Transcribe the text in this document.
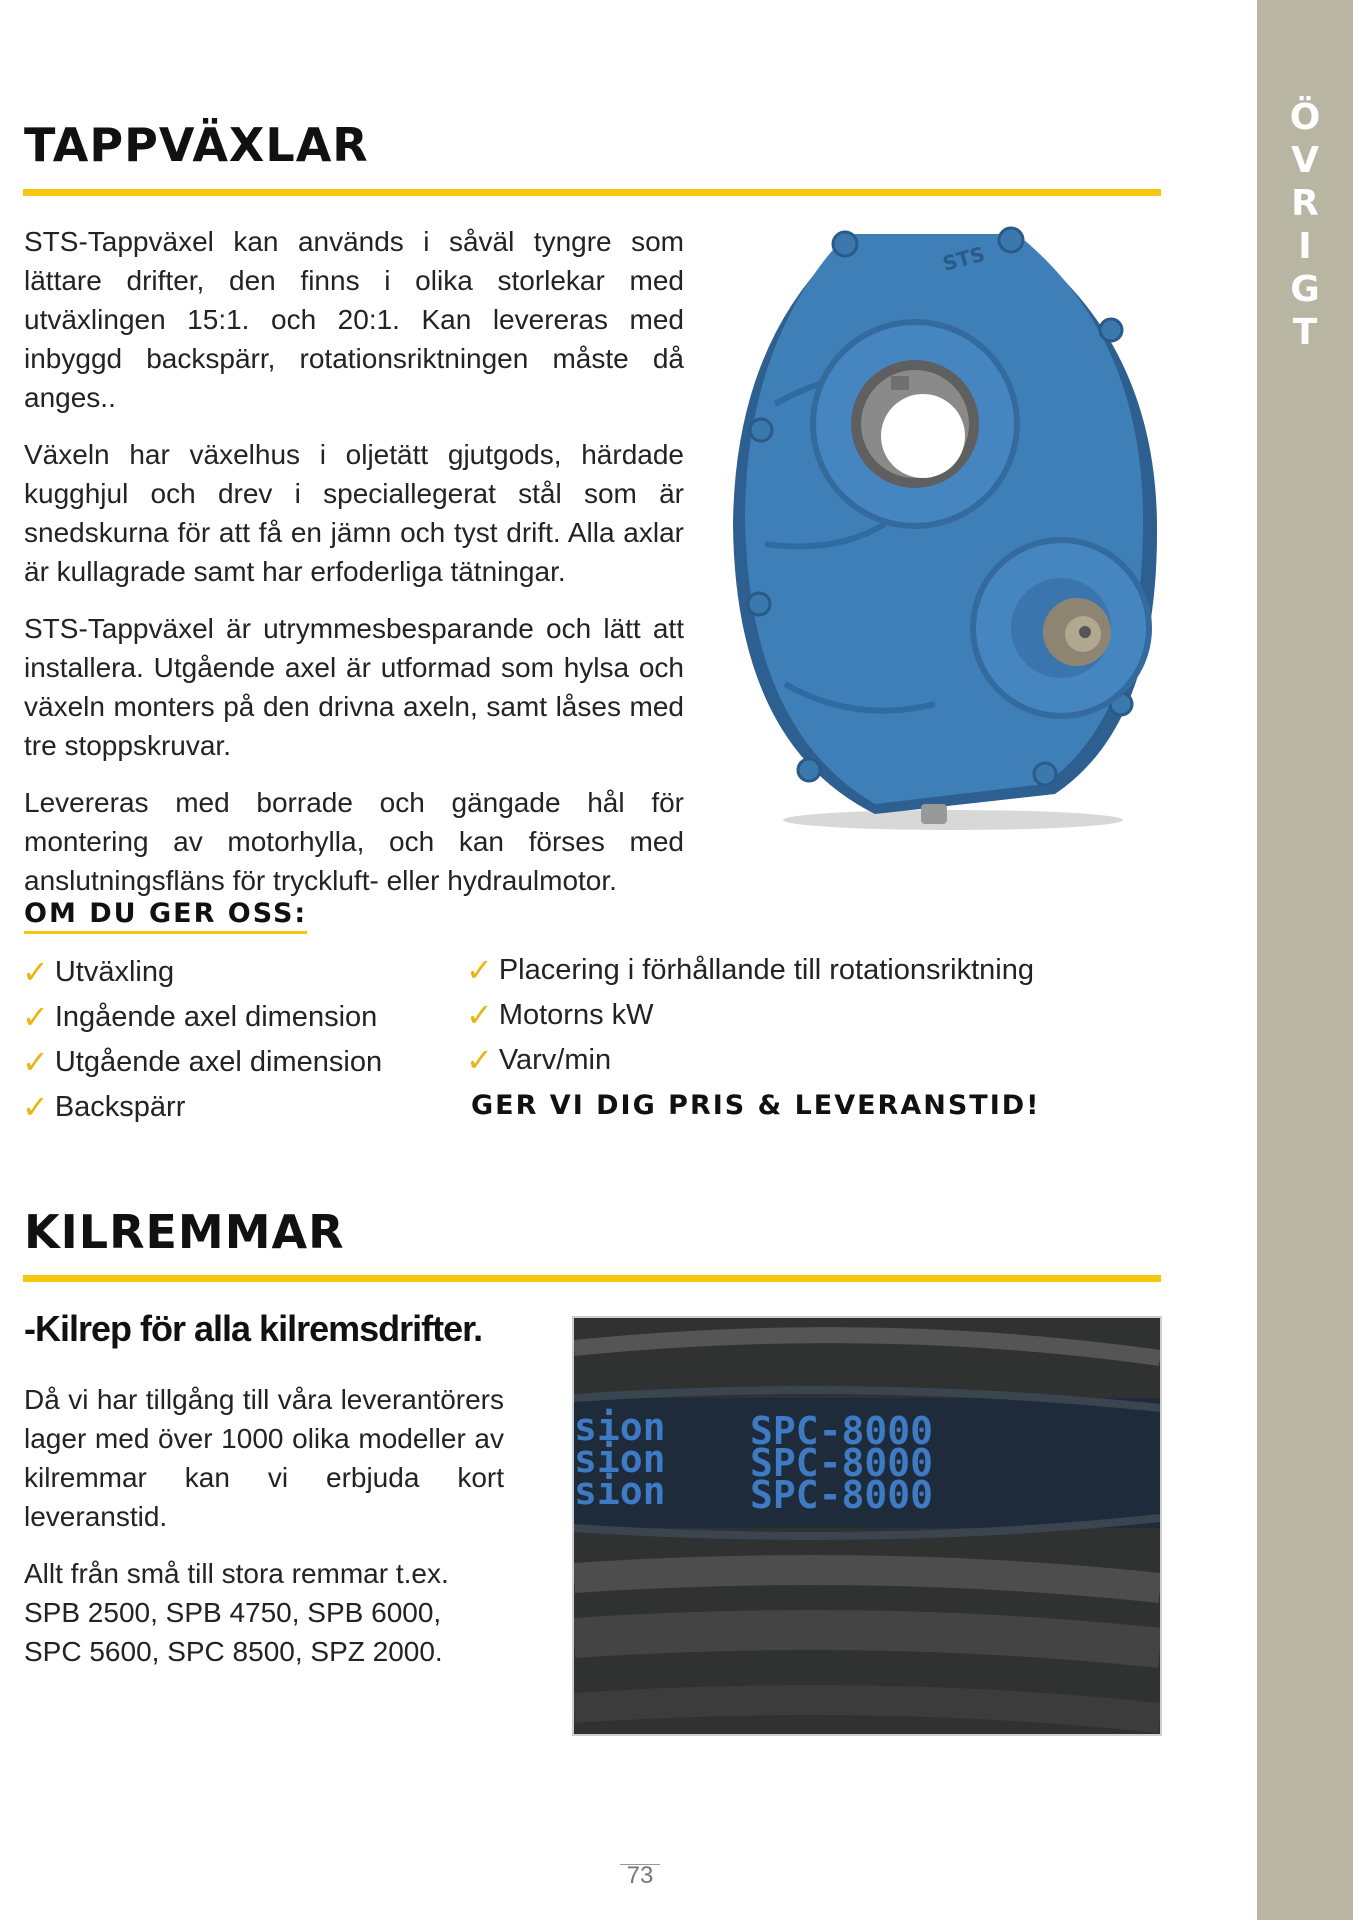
Ö
V
R
I
G
T
TAPPVÄXLAR

STS-Tappväxel kan används i såväl tyngre som lättare drifter, den finns i olika storlekar med utväxlingen 15:1. och 20:1. Kan levereras med inbyggd backspärr, rotationsriktningen måste då anges..

Växeln har växelhus i oljetätt gjutgods, härdade kugghjul och drev i speciallegerat stål som är snedskurna för att få en jämn och tyst drift. Alla axlar är kullagrade samt har erfoderliga tätningar.

STS-Tappväxel är utrymmesbesparande och lätt att installera. Utgående axel är utformad som hylsa och växeln monters på den drivna axeln, samt låses med tre stoppskruvar.

Levereras med borrade och gängade hål för montering av motorhylla, och kan förses med anslutningsfläns för tryckluft- eller hydraulmotor.

STS
OM DU GER OSS:
✓ Utväxling
✓ Ingående axel dimension
✓ Utgående axel dimension
✓ Backspärr
✓ Placering i förhållande till rotationsriktning
✓ Motorns kW
✓ Varv/min
GER VI DIG PRIS & LEVERANSTID!
KILREMMAR
-Kilrep för alla kilremsdrifter.

Då vi har tillgång till våra leverantörers lager med över 1000 olika modeller av kilremmar kan vi erbjuda kort leveranstid.

Allt från små till stora remmar t.ex. SPB 2500, SPB 4750, SPB 6000, SPC 5600, SPC 8500, SPZ 2000.

sion SPC-8000
sion SPC-8000
sion SPC-8000
73
